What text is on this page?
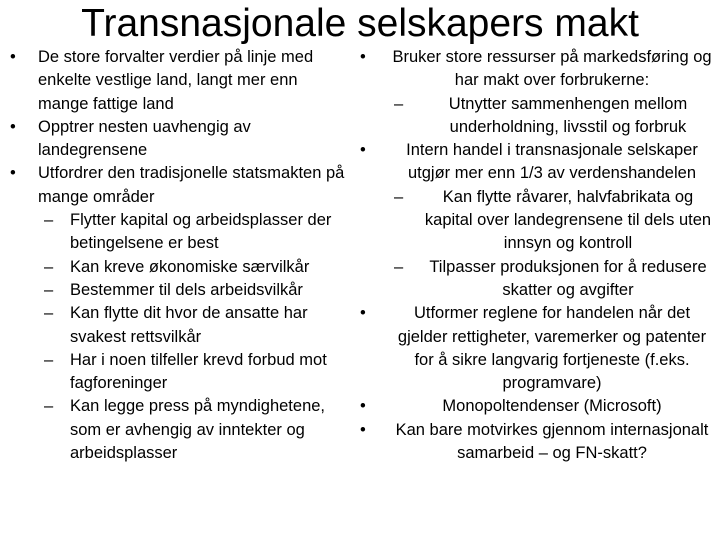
Transnasjonale selskapers makt
• De store forvalter verdier på linje med enkelte vestlige land, langt mer enn mange fattige land
• Opptrer nesten uavhengig av landegrensene
• Utfordrer den tradisjonelle statsmakten på mange områder
– Flytter kapital og arbeidsplasser der betingelsene er best
– Kan kreve økonomiske særvilkår
– Bestemmer til dels arbeidsvilkår
– Kan flytte dit hvor de ansatte har svakest rettsvilkår
– Har i noen tilfeller krevd forbud mot fagforeninger
– Kan legge press på myndighetene, som er avhengig av inntekter og arbeidsplasser
• Bruker store ressurser på markedsføring og har makt over forbrukerne:
–	Utnytter sammenhengen mellom underholdning, livsstil og forbruk
•	Intern handel i transnasjonale selskaper utgjør mer enn 1/3 av verdenshandelen
–	Kan flytte råvarer, halvfabrikata og kapital over landegrensene til dels uten innsyn og kontroll
–	Tilpasser produksjonen for å redusere skatter og avgifter
•	Utformer reglene for handelen når det gjelder rettigheter, varemerker og patenter for å sikre langvarig fortjeneste (f.eks. programvare)
•	Monopoltendenser (Microsoft)
•	Kan bare motvirkes gjennom internasjonalt samarbeid – og FN-skatt?
